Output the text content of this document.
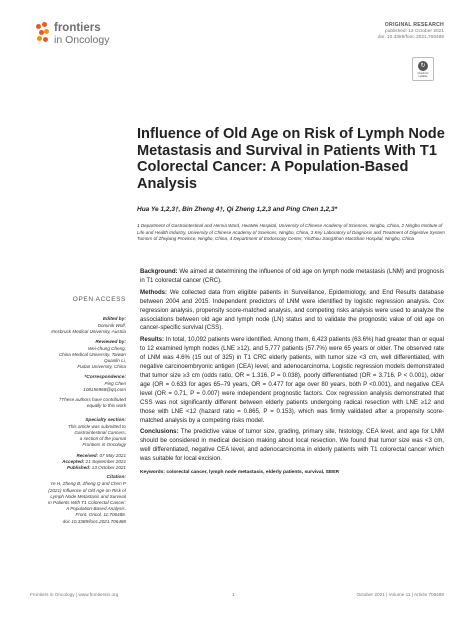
frontiers
in Oncology
ORIGINAL RESEARCH
published: 13 October 2021
doi: 10.3389/fonc.2021.706488
↻
Check for updates
Influence of Old Age on Risk of Lymph Node Metastasis and Survival in Patients With T1 Colorectal Cancer: A Population-Based Analysis
Hua Ye 1,2,3†, Bin Zheng 4†, Qi Zheng 1,2,3 and Ping Chen 1,2,3*
1 Department of Gastrointestinal and Hernia Ward, HwaMei Hospital, University of Chinese Academy of Sciences, Ningbo, China, 2 Ningbo Institute of Life and Health Industry, University of Chinese Academy of Sciences, Ningbo, China, 3 Key Laboratory of Diagnosis and Treatment of Digestive System Tumors of Zhejiang Province, Ningbo, China, 4 Department of Endoscopy Center, YinZhou JiangShan MacShan Hospital, Ningbo, China
OPEN ACCESS
Edited by:
Dominik Wolf,
Innsbruck Medical University, Austria
Reviewed by:
Wei-chung Cheng,
China Medical University, Taiwan
Quanlin Li,
Fudan University, China
*Correspondence:
Ping Chen
108156968@qq.com
†These authors have contributed
equally to this work
Specialty section:
This article was submitted to
Gastrointestinal Cancers,
a section of the journal
Frontiers in Oncology
Received: 07 May 2021
Accepted: 21 September 2021
Published: 13 October 2021
Citation:
Ye H, Zheng B, Zheng Q and Chen P
(2021) Influence of Old Age on Risk of
Lymph Node Metastasis and Survival
in Patients With T1 Colorectal Cancer:
A Population-Based Analysis.
Front. Oncol. 11:706488.
doi: 10.3389/fonc.2021.706488

Background: We aimed at determining the influence of old age on lymph node metastasis (LNM) and prognosis in T1 colorectal cancer (CRC).

Methods: We collected data from eligible patients in Surveillance, Epidemiology, and End Results database between 2004 and 2015. Independent predictors of LNM were identified by logistic regression analysis. Cox regression analysis, propensity score-matched analysis, and competing risks analysis were used to analyze the associations between old age and lymph node (LN) status and to validate the prognostic value of old age on cancer-specific survival (CSS).

Results: In total, 10,092 patients were identified. Among them, 6,423 patients (63.6%) had greater than or equal to 12 examined lymph nodes (LNE ≥12), and 5,777 patients (57.7%) were 65 years or older. The observed rate of LNM was 4.6% (15 out of 325) in T1 CRC elderly patients, with tumor size <3 cm, well differentiated, with negative carcinoembryonic antigen (CEA) level, and adenocarcinoma. Logistic regression models demonstrated that tumor size ≥3 cm (odds ratio, OR = 1.316, P = 0.038), poorly differentiated (OR = 3.716, P < 0.001), older age (OR = 0.633 for ages 65–79 years, OR = 0.477 for age over 80 years, both P <0.001), and negative CEA level (OR = 0.71, P = 0.007) were independent prognostic factors. Cox regression analysis demonstrated that CSS was not significantly different between elderly patients undergoing radical resection with LNE ≥12 and those with LNE <12 (hazard ratio = 0.865, P = 0.153), which was firmly validated after a propensity score-matched analysis by a competing risks model.

Conclusions: The predictive value of tumor size, grading, primary site, histology, CEA level, and age for LNM should be considered in medical decision making about local resection. We found that tumor size was <3 cm, well differentiated, negative CEA level, and adenocarcinoma in elderly patients with T1 colorectal cancer which was suitable for local excision.

Keywords: colorectal cancer, lymph node metastasis, elderly patients, survival, SEER
Frontiers in Oncology | www.frontiersin.org	1	October 2021 | Volume 11 | Article 706488
